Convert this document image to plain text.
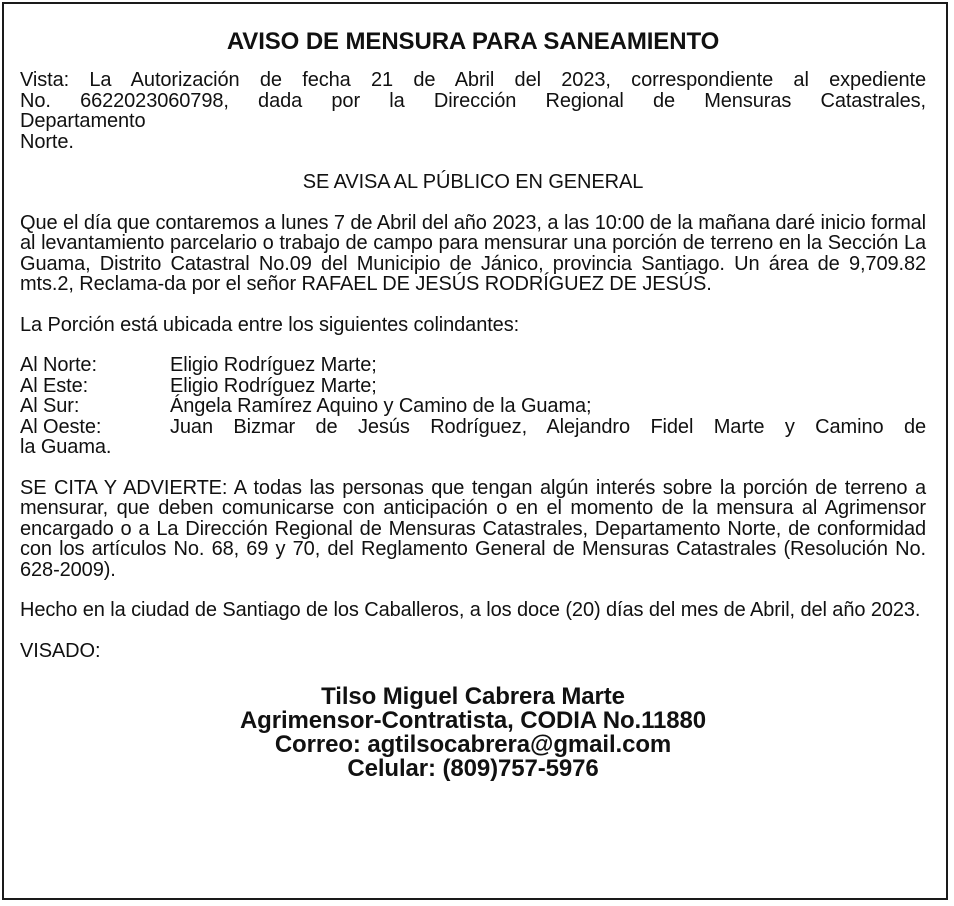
AVISO DE MENSURA PARA SANEAMIENTO
Vista: La Autorización de fecha 21 de Abril del 2023, correspondiente al expediente
No. 6622023060798, dada por la Dirección Regional de Mensuras Catastrales,
Departamento
Norte.
SE AVISA AL PÚBLICO EN GENERAL
Que el día que contaremos a lunes 7 de Abril del año 2023, a las 10:00 de la mañana daré inicio formal al levantamiento parcelario o trabajo de campo para mensurar una porción de terreno en la Sección La Guama, Distrito Catastral No.09 del Municipio de Jánico, provincia Santiago. Un área de 9,709.82 mts.2, Reclama-da por el señor RAFAEL DE JESÚS RODRÍGUEZ DE JESÚS.
La Porción está ubicada entre los siguientes colindantes:
Al Norte:	Eligio Rodríguez Marte;
Al Este:	Eligio Rodríguez Marte;
Al Sur:	Ángela Ramírez Aquino y Camino de la Guama;
Al Oeste:	Juan Bizmar de Jesús Rodríguez, Alejandro Fidel Marte y Camino de
la Guama.
SE CITA Y ADVIERTE: A todas las personas que tengan algún interés sobre la porción de terreno a mensurar, que deben comunicarse con anticipación o en el momento de la mensura al Agrimensor encargado o a La Dirección Regional de Mensuras Catastrales, Departamento Norte, de conformidad con los artículos No. 68, 69 y 70, del Reglamento General de Mensuras Catastrales (Resolución No. 628-2009).
Hecho en la ciudad de Santiago de los Caballeros, a los doce (20) días del mes de Abril, del año 2023.
VISADO:
Tilso Miguel Cabrera Marte
Agrimensor-Contratista, CODIA No.11880
Correo: agtilsocabrera@gmail.com
Celular: (809)757-5976
